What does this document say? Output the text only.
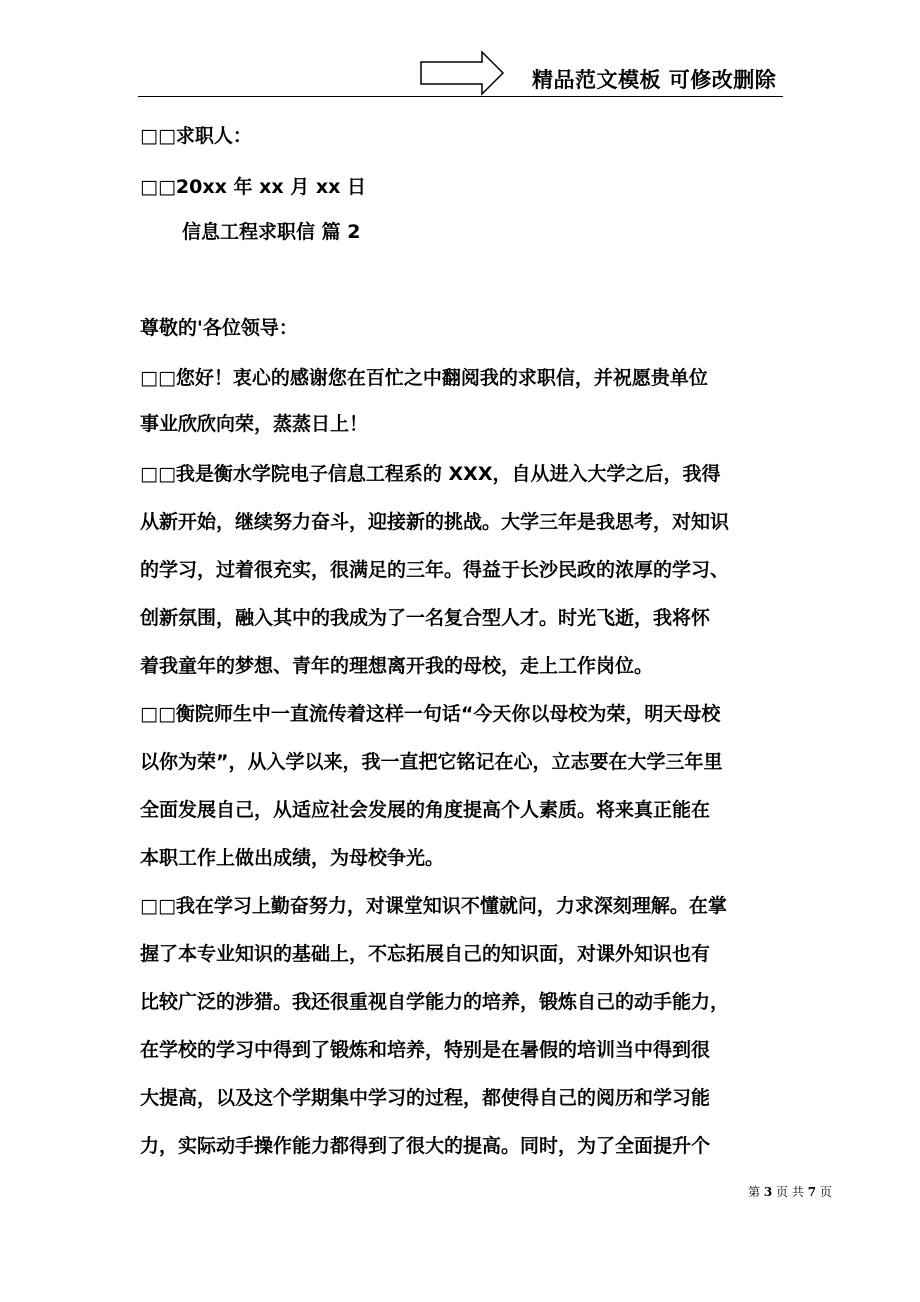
精品范文模板 可修改删除
□□求职人：
□□20xx 年 xx 月 xx 日
信息工程求职信 篇 2
尊敬的'各位领导：
□□您好！衷心的感谢您在百忙之中翻阅我的求职信，并祝愿贵单位
事业欣欣向荣，蒸蒸日上！
□□我是衡水学院电子信息工程系的 XXX，自从进入大学之后，我得
从新开始，继续努力奋斗，迎接新的挑战。大学三年是我思考，对知识
的学习，过着很充实，很满足的三年。得益于长沙民政的浓厚的学习、
创新氛围，融入其中的我成为了一名复合型人才。时光飞逝，我将怀
着我童年的梦想、青年的理想离开我的母校，走上工作岗位。
□□衡院师生中一直流传着这样一句话“今天你以母校为荣，明天母校
以你为荣”，从入学以来，我一直把它铭记在心，立志要在大学三年里
全面发展自己，从适应社会发展的角度提高个人素质。将来真正能在
本职工作上做出成绩，为母校争光。
□□我在学习上勤奋努力，对课堂知识不懂就问，力求深刻理解。在掌
握了本专业知识的基础上，不忘拓展自己的知识面，对课外知识也有
比较广泛的涉猎。我还很重视自学能力的培养，锻炼自己的动手能力，
在学校的学习中得到了锻炼和培养，特别是在暑假的培训当中得到很
大提高，以及这个学期集中学习的过程，都使得自己的阅历和学习能
力，实际动手操作能力都得到了很大的提高。同时，为了全面提升个
第 3 页 共 7 页
